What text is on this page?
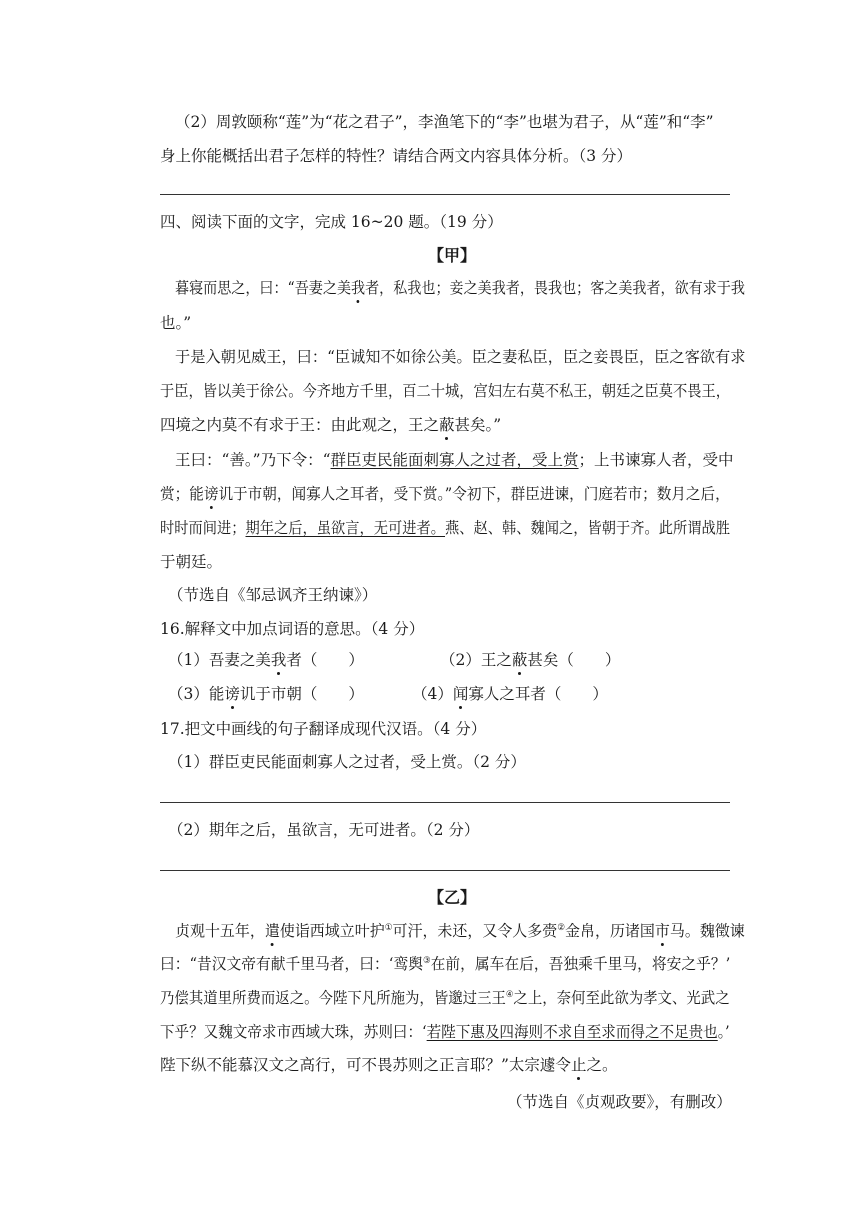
（2）周敦颐称“莲”为“花之君子”，李渔笔下的“李”也堪为君子，从“莲”和“李”
身上你能概括出君子怎样的特性？请结合两文内容具体分析。（3 分）
四、阅读下面的文字，完成 16~20 题。（19 分）
【甲】
暮寝而思之，曰：“吾妻之美我者，私我也；妾之美我者，畏我也；客之美我者，欲有求于我
也。”
于是入朝见威王，曰：“臣诚知不如徐公美。臣之妻私臣，臣之妾畏臣，臣之客欲有求
于臣，皆以美于徐公。今齐地方千里，百二十城，宫妇左右莫不私王，朝廷之臣莫不畏王，
四境之内莫不有求于王：由此观之，王之蔽甚矣。”
王曰：“善。”乃下令：“群臣吏民能面刺寡人之过者，受上赏；上书谏寡人者，受中
赏；能谤讥于市朝，闻寡人之耳者，受下赏。”令初下，群臣进谏，门庭若市；数月之后，
时时而间进；期年之后，虽欲言，无可进者。燕、赵、韩、魏闻之，皆朝于齐。此所谓战胜
于朝廷。
（节选自《邹忌讽齐王纳谏》）
16.解释文中加点词语的意思。（4 分）
（1）吾妻之美我者（　　）	（2）王之蔽甚矣（　　）
（3）能谤讥于市朝（　　）	（4）闻寡人之耳者（　　）
17.把文中画线的句子翻译成现代汉语。（4 分）
（1）群臣吏民能面刺寡人之过者，受上赏。（2 分）
（2）期年之后，虽欲言，无可进者。（2 分）
【乙】
贞观十五年，遣使诣西域立叶护①可汗，未还，又令人多赍②金帛，历诸国市马。魏徵谏
曰：“昔汉文帝有献千里马者，曰：‘鸾舆③在前，属车在后，吾独乘千里马，将安之乎？’
乃偿其道里所费而返之。今陛下凡所施为，皆邈过三王④之上，奈何至此欲为孝文、光武之
下乎？又魏文帝求市西域大珠，苏则曰：‘若陛下惠及四海则不求自至求而得之不足贵也。’
陛下纵不能慕汉文之高行，可不畏苏则之正言耶？”太宗遽令止之。
（节选自《贞观政要》，有删改）
